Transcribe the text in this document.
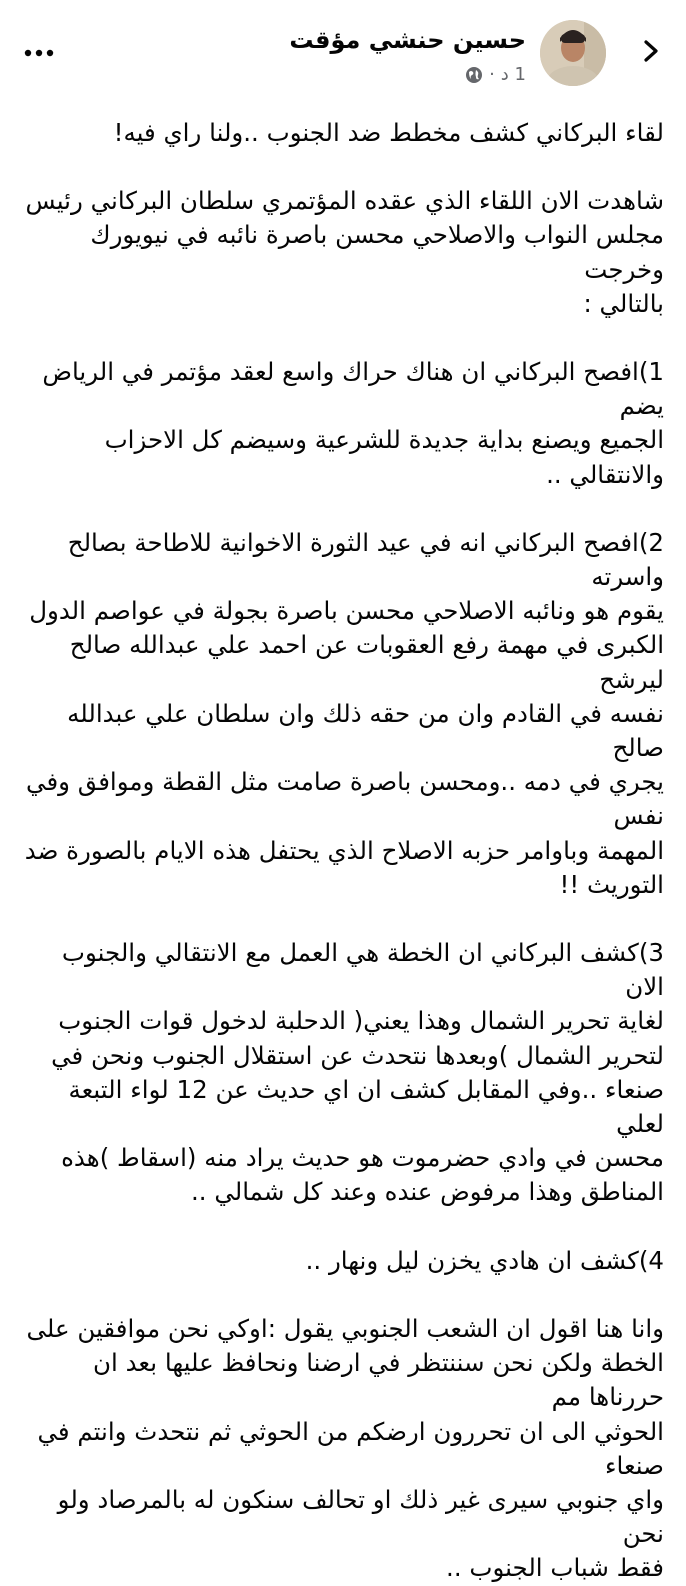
حسين حنشي مؤقت
1 د
·

لقاء البركاني كشف مخطط ضد الجنوب ..ولنا راي فيه!

شاهدت الان اللقاء الذي عقده المؤتمري سلطان البركاني رئيس
مجلس النواب والاصلاحي محسن باصرة نائبه في نيويورك وخرجت
بالتالي :

1)افصح البركاني ان هناك حراك واسع لعقد مؤتمر في الرياض يضم
الجميع ويصنع بداية جديدة للشرعية وسيضم كل الاحزاب
والانتقالي ..

2)افصح البركاني انه في عيد الثورة الاخوانية للاطاحة بصالح واسرته
يقوم هو ونائبه الاصلاحي محسن باصرة بجولة في عواصم الدول
الكبرى في مهمة رفع العقوبات عن احمد علي عبدالله صالح ليرشح
نفسه في القادم وان من حقه ذلك وان سلطان علي عبدالله صالح
يجري في دمه ..ومحسن باصرة صامت مثل القطة وموافق وفي نفس
المهمة وباوامر حزبه الاصلاح الذي يحتفل هذه الايام بالصورة ضد
التوريث !!

3)كشف البركاني ان الخطة هي العمل مع الانتقالي والجنوب الان
لغاية تحرير الشمال وهذا يعني( الدحلبة لدخول قوات الجنوب
لتحرير الشمال )وبعدها نتحدث عن استقلال الجنوب ونحن في
صنعاء ..وفي المقابل كشف ان اي حديث عن 12 لواء التبعة لعلي
محسن في وادي حضرموت هو حديث يراد منه (اسقاط )هذه
المناطق وهذا مرفوض عنده وعند كل شمالي ..

4)كشف ان هادي يخزن ليل ونهار ..

وانا هنا اقول ان الشعب الجنوبي يقول :اوكي نحن موافقين على
الخطة ولكن نحن سننتظر في ارضنا ونحافظ عليها بعد ان حررناها مم
الحوثي الى ان تحررون ارضكم من الحوثي ثم نتحدث وانتم في صنعاء
واي جنوبي سيرى غير ذلك او تحالف سنكون له بالمرصاد ولو نحن
فقط شباب الجنوب ..
